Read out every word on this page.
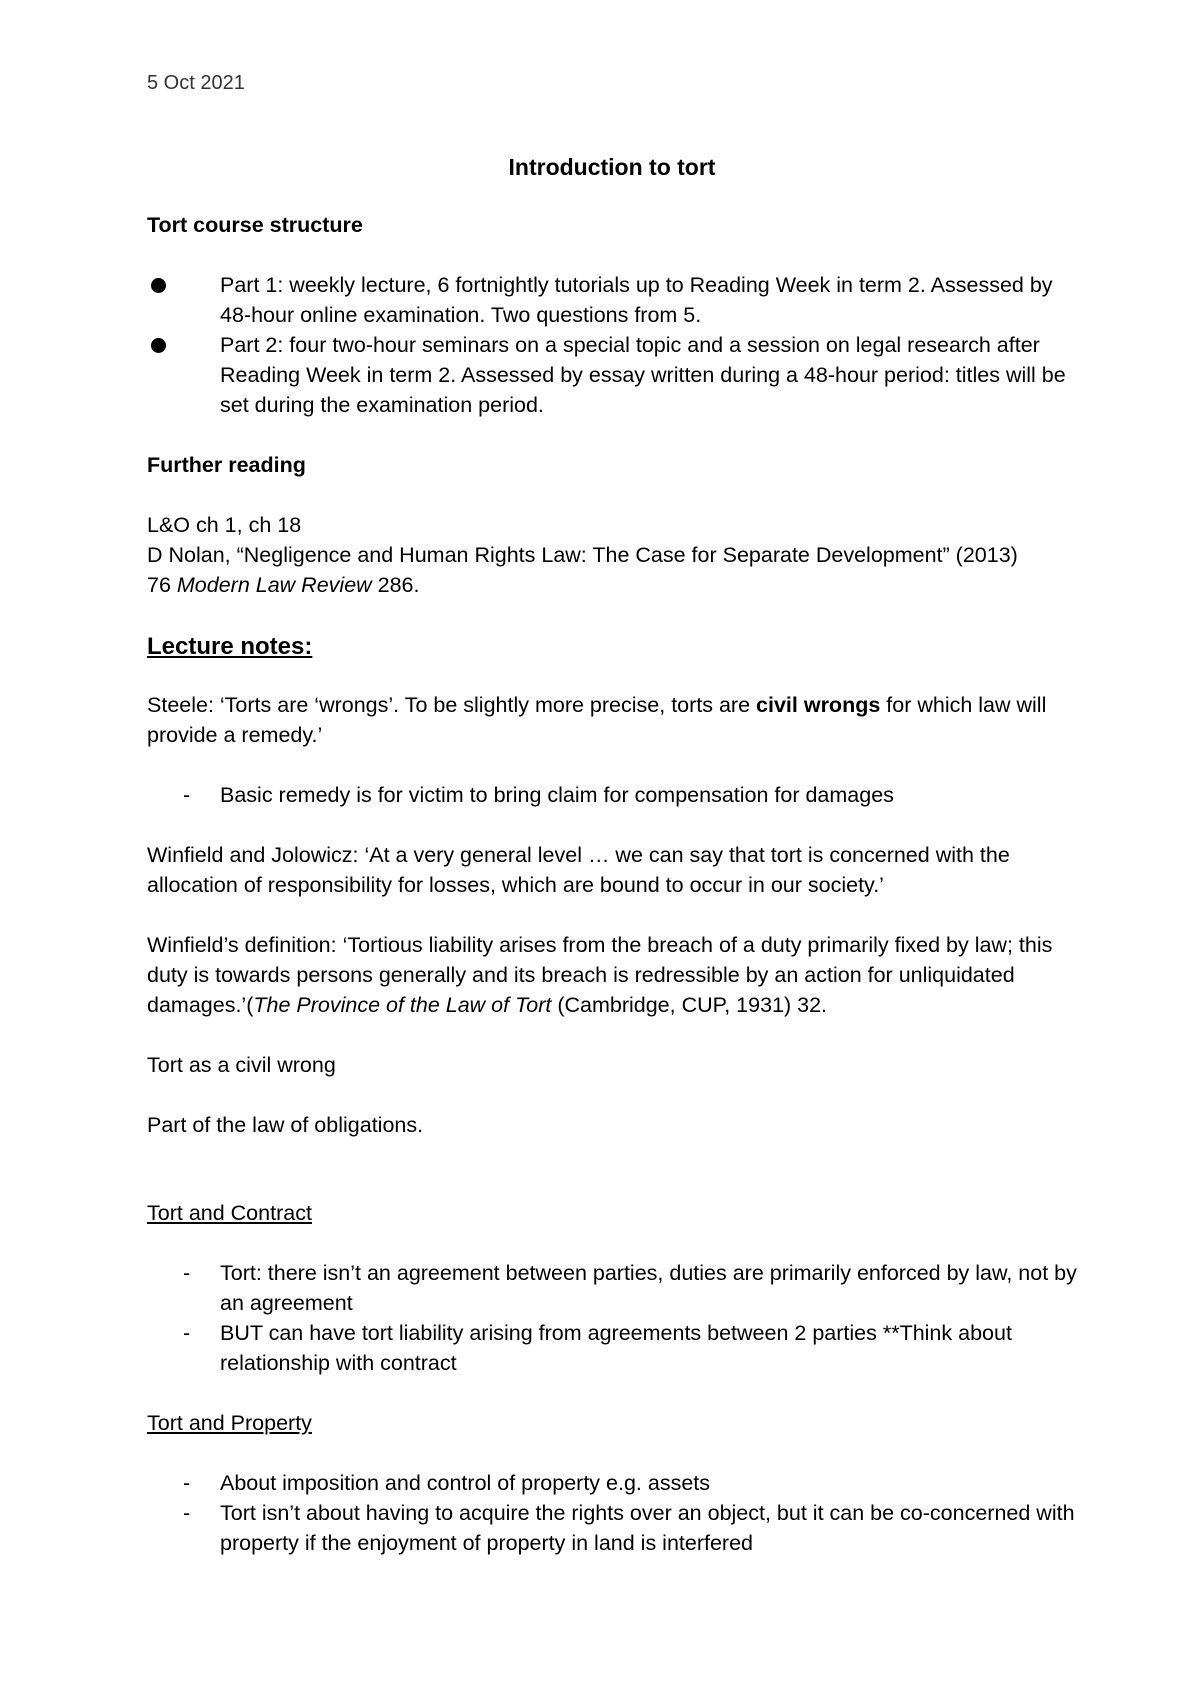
5 Oct 2021
Introduction to tort

Tort course structure

Part 1: weekly lecture, 6 fortnightly tutorials up to Reading Week in term 2. Assessed by 48-hour online examination. Two questions from 5.
Part 2: four two-hour seminars on a special topic and a session on legal research after Reading Week in term 2. Assessed by essay written during a 48-hour period: titles will be set during the examination period.

Further reading

L&O ch 1, ch 18

D Nolan, “Negligence and Human Rights Law: The Case for Separate Development” (2013)

76 Modern Law Review 286.

Lecture notes:

Steele: ‘Torts are ‘wrongs’. To be slightly more precise, torts are civil wrongs for which law will provide a remedy.’

- Basic remedy is for victim to bring claim for compensation for damages

Winfield and Jolowicz: ‘At a very general level … we can say that tort is concerned with the allocation of responsibility for losses, which are bound to occur in our society.’

Winfield’s definition: ‘Tortious liability arises from the breach of a duty primarily fixed by law; this duty is towards persons generally and its breach is redressible by an action for unliquidated damages.’(The Province of the Law of Tort (Cambridge, CUP, 1931) 32.

Tort as a civil wrong

Part of the law of obligations.

Tort and Contract

- Tort: there isn’t an agreement between parties, duties are primarily enforced by law, not by an agreement
- BUT can have tort liability arising from agreements between 2 parties **Think about relationship with contract

Tort and Property

- About imposition and control of property e.g. assets
- Tort isn’t about having to acquire the rights over an object, but it can be co-concerned with property if the enjoyment of property in land is interfered
